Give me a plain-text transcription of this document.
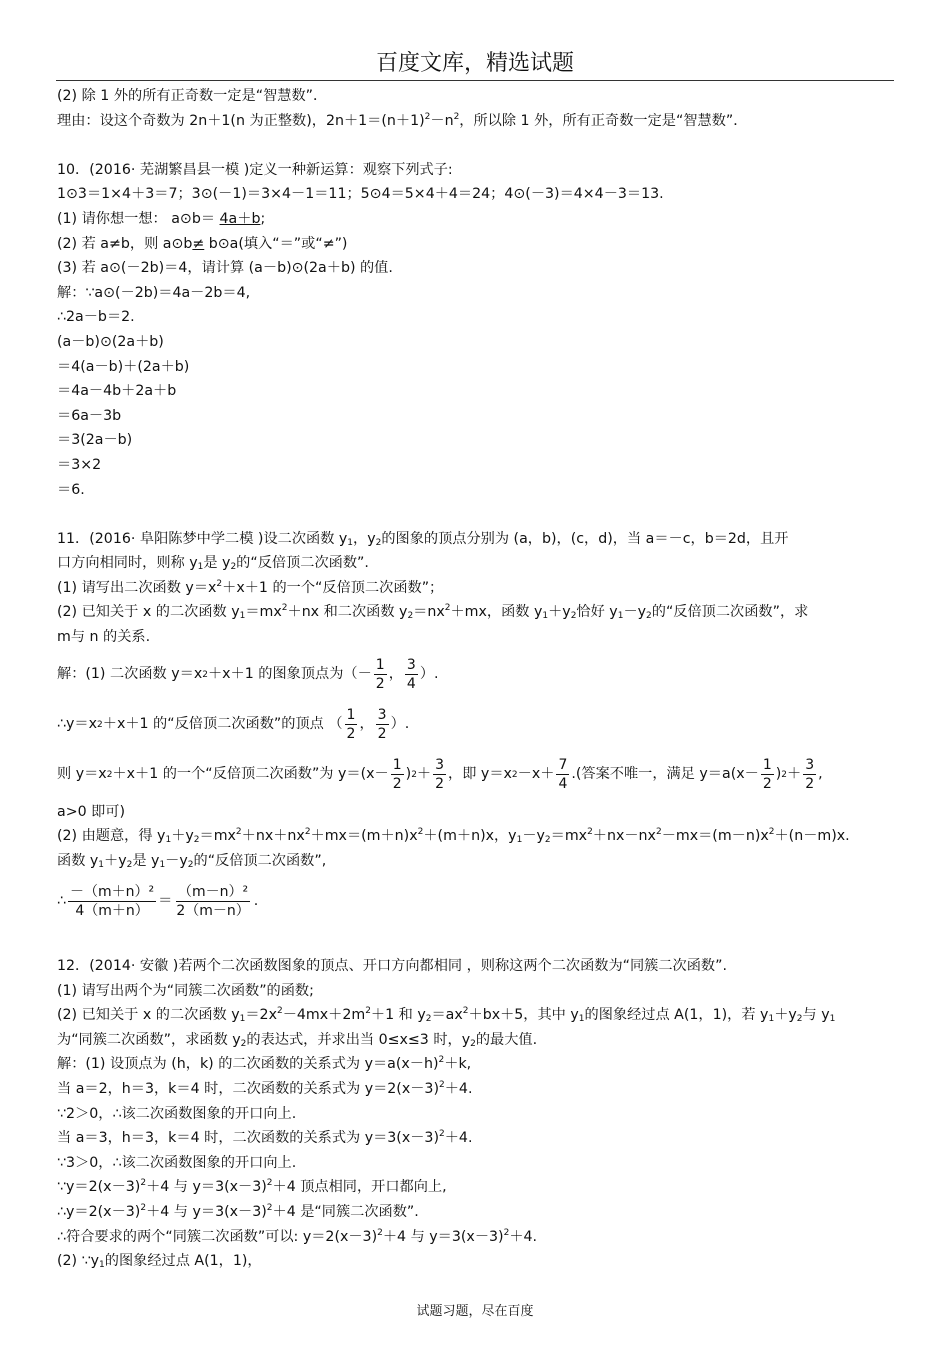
百度文库，精选试题
(2) 除 1 外的所有正奇数一定是“智慧数”．
理由：设这个奇数为 2n＋1(n 为正整数)，$2n+1=(n+1)^2-n^2$，所以除 1 外，所有正奇数一定是“智慧数”．
10．(2016· 芜湖繁昌县一模 )定义一种新运算：观察下列式子:
1⊙3＝1×4＋3＝7；3⊙(－1)＝3×4－1＝11；5⊙4＝5×4＋4＝24；4⊙(－3)＝4×4－3＝13.
(1) 请你想一想： a⊙b＝ 4a＋b;
(2) 若 a≠b，则 a⊙b≠ b⊙a(填入“＝”或“≠”)
(3) 若 a⊙(－2b)＝4，请计算 (a－b)⊙(2a＋b) 的值.
解：∵a⊙(－2b)＝4a－2b＝4,
∴2a－b＝2.
(a－b)⊙(2a＋b)
＝4(a－b)＋(2a＋b)
＝4a－4b＋2a＋b
＝6a－3b
＝3(2a－b)
＝3×2
＝6.
11．(2016· 阜阳陈梦中学二模 )设二次函数 $y_1$，$y_2$的图象的顶点分别为 (a，b)，(c，d)，当 a＝－c，b＝2d，且开
口方向相同时，则称 $y_1$是 $y_2$的“反倍顶二次函数”.
(1) 请写出二次函数 $y=x^2+x+1$ 的一个“反倍顶二次函数”；
(2) 已知关于 x 的二次函数 $y_1=mx^2+nx$ 和二次函数 $y_2=nx^2+mx$，函数 $y_1+y_2$恰好 $y_1-y_2$的“反倍顶二次函数”，求
m与 n 的关系.
解：(1) 二次函数 y＝x 2 ＋x＋1 的图象顶点为（－ $\frac{1}{2}$ ， $\frac{3}{4}$ ）.
∴y＝x 2 ＋x＋1 的“反倍顶二次函数”的顶点 （ $\frac{1}{2}$ ， $\frac{3}{2}$ ）.
则 y＝x 2 ＋x＋1 的一个“反倍顶二次函数”为 $y=(x- \frac{1}{2}$ ) $2 + \frac{3}{2}$ ，即 y＝x $2 -x+ \frac{7}{4}$ .(答案不唯一，满足 $y=a(x- \frac{1}{2}$ ) $2 + \frac{3}{2}$ ,
a>0 即可)
(2) 由题意，得 $y_1+y_2=mx^2+nx+nx^2+mx=(m+n)x^2+(m+n)x$，$y_1-y_2=mx^2+nx-nx^2-mx=(m-n)x^2+(n-m)x$.
函数 $y_1+y_2$是 $y_1-y_2$的“反倍顶二次函数”,
∴ $\frac{\text{－（m＋n）²}}{4(m+n)} = \frac{\text{（m－n）²}}{2(m-n)}$ .
12．(2014· 安徽 )若两个二次函数图象的顶点、开口方向都相同 ，则称这两个二次函数为“同簇二次函数”.
(1) 请写出两个为“同簇二次函数”的函数;
(2) 已知关于 x 的二次函数 $y_1=2x^2-4mx+2m^2+1$ 和 $y_2=ax^2+bx+5$，其中 $y_1$的图象经过点 A(1，1)，若 $y_1+y_2$与 $y_1$
为“同簇二次函数”，求函数 $y_2$的表达式，并求出当 0≤x≤3 时，$y_2$的最大值.
解：(1) 设顶点为 (h，k) 的二次函数的关系式为 $y=a(x-h)^2+k$,
当 a＝2，h＝3，k＝4 时，二次函数的关系式为 $y=2(x-3)^2+4$.
∵2＞0，∴该二次函数图象的开口向上.
当 a＝3，h＝3，k＝4 时，二次函数的关系式为 $y=3(x-3)^2+4$.
∵3＞0，∴该二次函数图象的开口向上.
$\because y=2(x-3)^2+4$ 与 $y=3(x-3)^2+4$ 顶点相同，开口都向上,
$\therefore y=2(x-3)^2+4$ 与 $y=3(x-3)^2+4$ 是“同簇二次函数”.
∴符合要求的两个“同簇二次函数”可以: $y=2(x-3)^2+4$ 与 $y=3(x-3)^2+4$.
(2) $\because y_1$的图象经过点 A(1，1)，
试题习题，尽在百度
